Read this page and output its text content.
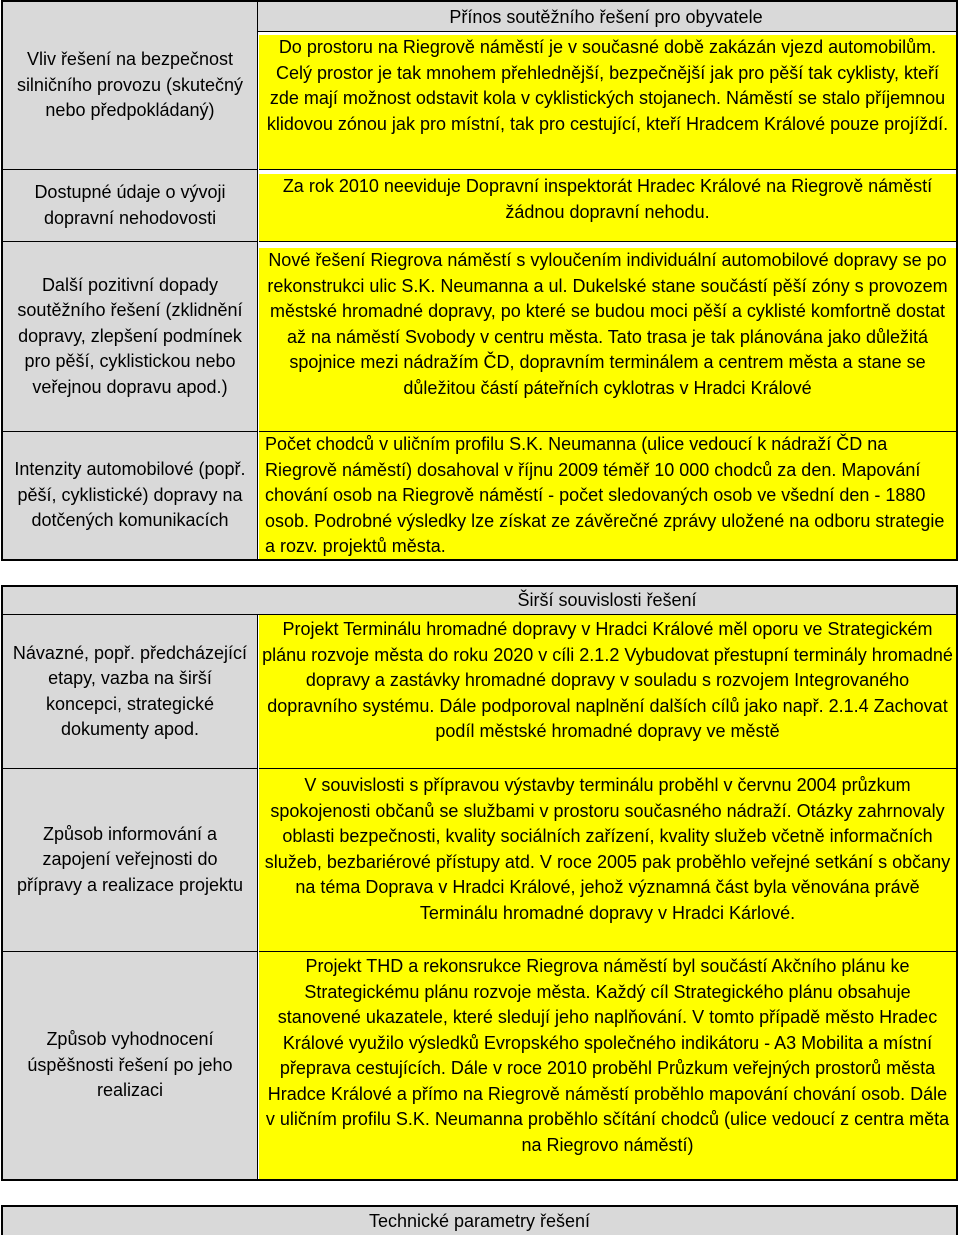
Přínos soutěžního řešení pro obyvatele
Vliv řešení na bezpečnost silničního provozu (skutečný nebo předpokládaný)
Do prostoru na Riegrově náměstí je v současné době zakázán vjezd automobilům. Celý prostor je tak mnohem přehlednější, bezpečnější jak pro pěší tak cyklisty, kteří zde mají možnost odstavit kola v cyklistických stojanech. Náměstí se stalo příjemnou klidovou zónou jak pro místní, tak pro cestující, kteří Hradcem Králové pouze projíždí.
Dostupné údaje o vývoji dopravní nehodovosti
Za rok 2010 neeviduje Dopravní inspektorát Hradec Králové na Riegrově náměstí žádnou dopravní nehodu.
Další pozitivní dopady soutěžního řešení (zklidnění dopravy, zlepšení podmínek pro pěší, cyklistickou nebo veřejnou dopravu apod.)
Nové řešení Riegrova náměstí s vyloučením individuální automobilové dopravy se po rekonstrukci ulic S.K. Neumanna a ul. Dukelské stane součástí pěší zóny s provozem městské hromadné dopravy, po které se budou moci pěší a cyklisté komfortně dostat až na náměstí Svobody v centru města. Tato trasa je tak plánována jako důležitá spojnice mezi nádražím ČD, dopravním terminálem a centrem města a stane se důležitou částí páteřních cyklotras v Hradci Králové
Intenzity automobilové (popř. pěší, cyklistické) dopravy na dotčených komunikacích
Počet chodců v uličním profilu S.K. Neumanna (ulice vedoucí k nádraží ČD na Riegrově náměstí) dosahoval v říjnu 2009 téměř 10 000 chodců za den. Mapování chování osob na Riegrově náměstí - počet sledovaných osob ve všední den - 1880 osob. Podrobné výsledky lze získat ze závěrečné zprávy uložené na odboru strategie a rozv. projektů města.
Širší souvislosti řešení
Návazné, popř. předcházející etapy, vazba na širší koncepci, strategické dokumenty apod.
Projekt Terminálu hromadné dopravy v Hradci Králové měl oporu ve Strategickém plánu rozvoje města do roku 2020 v cíli 2.1.2 Vybudovat přestupní terminály hromadné dopravy a zastávky hromadné dopravy v souladu s rozvojem Integrovaného dopravního systému. Dále podporoval naplnění dalších cílů jako např. 2.1.4 Zachovat podíl městské hromadné dopravy ve městě
Způsob informování a zapojení veřejnosti do přípravy a realizace projektu
V souvislosti s přípravou výstavby terminálu proběhl v červnu 2004 průzkum spokojenosti občanů se službami v prostoru současného nádraží. Otázky zahrnovaly oblasti bezpečnosti, kvality sociálních zařízení, kvality služeb včetně informačních služeb, bezbariérové přístupy atd. V roce 2005 pak proběhlo veřejné setkání s občany na téma Doprava v Hradci Králové, jehož významná část byla věnována právě Terminálu hromadné dopravy v Hradci Kárlové.
Způsob vyhodnocení úspěšnosti řešení po jeho realizaci
Projekt THD a rekonsrukce Riegrova náměstí byl součástí Akčního plánu ke Strategickému plánu rozvoje města. Každý cíl Strategického plánu obsahuje stanovené ukazatele, které sledují jeho naplňování. V tomto případě město Hradec Králové využilo výsledků Evropského společného indikátoru - A3 Mobilita a místní přeprava cestujících. Dále v roce 2010 proběhl Průzkum veřejných prostorů města Hradce Králové a přímo na Riegrově náměstí proběhlo mapování chování osob. Dále v uličním profilu S.K. Neumanna proběhlo sčítání chodců (ulice vedoucí z centra měta na Riegrovo náměstí)
Technické parametry řešení
